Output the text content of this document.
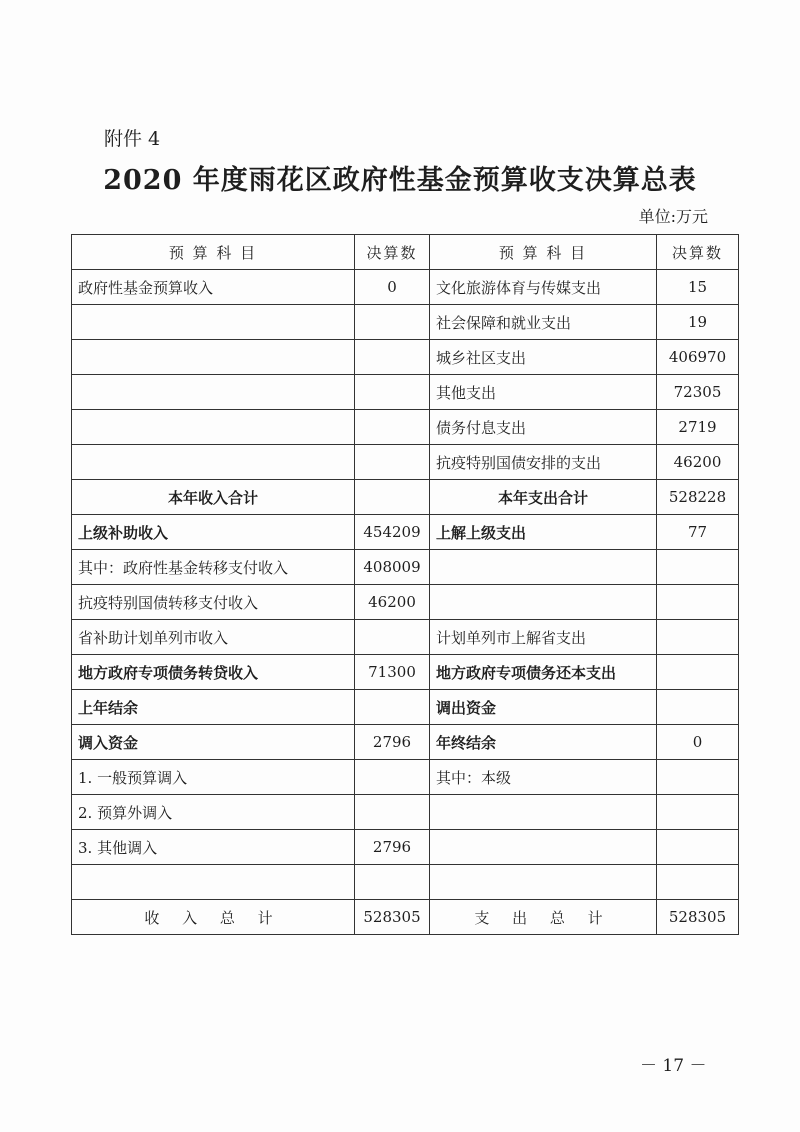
附件 4
2020 年度雨花区政府性基金预算收支决算总表
单位:万元
预 算 科 目	决算数	预 算 科 目	决算数
政府性基金预算收入	0	文化旅游体育与传媒支出	15
		社会保障和就业支出	19
		城乡社区支出	406970
		其他支出	72305
		债务付息支出	2719
		抗疫特别国债安排的支出	46200
本年收入合计		本年支出合计	528228
上级补助收入	454209	上解上级支出	77
其中：政府性基金转移支付收入	408009		
抗疫特别国债转移支付收入	46200		
省补助计划单列市收入		计划单列市上解省支出	
地方政府专项债务转贷收入	71300	地方政府专项债务还本支出	
上年结余		调出资金	
调入资金	2796	年终结余	0
1. 一般预算调入		其中：本级	
2. 预算外调入			
3. 其他调入	2796		

收 入 总 计	528305	支 出 总 计	528305
－ 17 －
